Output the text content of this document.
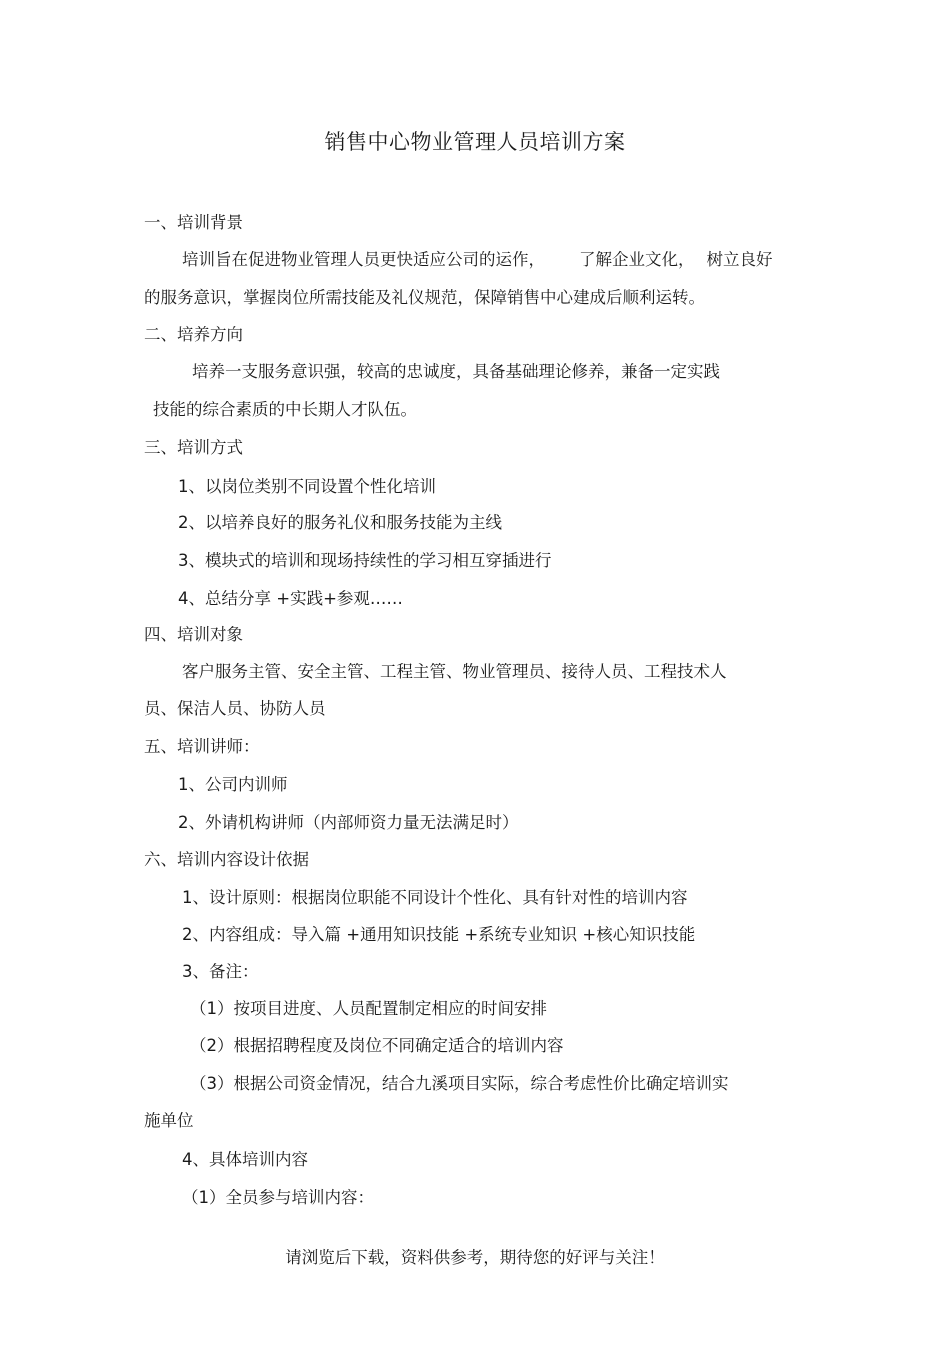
销售中心物业管理人员培训方案
一、培训背景
培训旨在促进物业管理人员更快适应公司的运作， 了解企业文化， 树立良好
的服务意识，掌握岗位所需技能及礼仪规范，保障销售中心建成后顺利运转。
二、培养方向
培养一支服务意识强，较高的忠诚度，具备基础理论修养，兼备一定实践
技能的综合素质的中长期人才队伍。
三、培训方式
1、以岗位类别不同设置个性化培训
2、以培养良好的服务礼仪和服务技能为主线
3、模块式的培训和现场持续性的学习相互穿插进行
4、总结分享 +实践+参观……
四、培训对象
客户服务主管、安全主管、工程主管、物业管理员、接待人员、工程技术人
员、保洁人员、协防人员
五、培训讲师：
1、公司内训师
2、外请机构讲师（内部师资力量无法满足时）
六、培训内容设计依据
1、设计原则：根据岗位职能不同设计个性化、具有针对性的培训内容
2、内容组成：导入篇 +通用知识技能 +系统专业知识 +核心知识技能
3、备注：
（1）按项目进度、人员配置制定相应的时间安排
（2）根据招聘程度及岗位不同确定适合的培训内容
（3）根据公司资金情况，结合九溪项目实际，综合考虑性价比确定培训实
施单位
4、具体培训内容
（1）全员参与培训内容：
请浏览后下载，资料供参考，期待您的好评与关注！
